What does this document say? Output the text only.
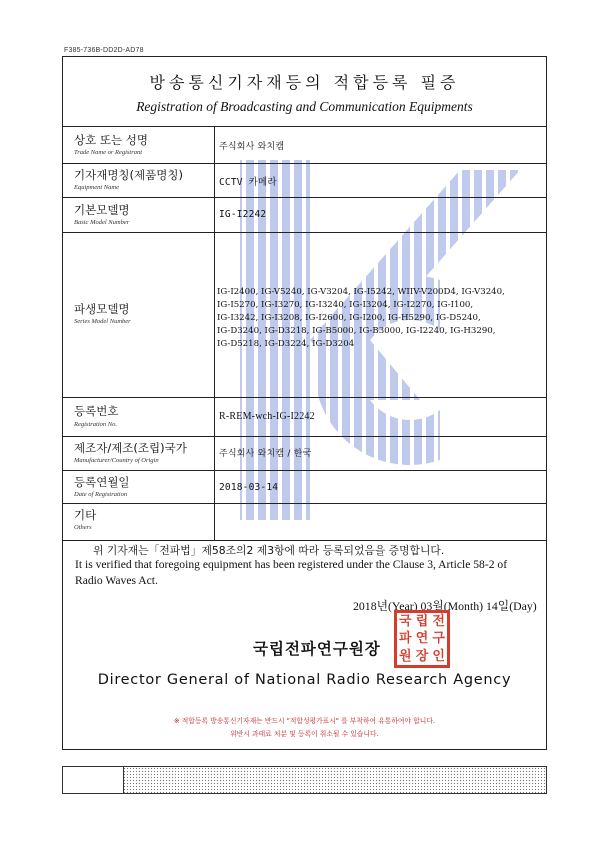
F385-736B-DD2D-AD78
방송통신기자재등의 적합등록 필증
Registration of Broadcasting and Communication Equipments
상호 또는 성명
Trade Name or Registrant
주식회사 와치캠
기자재명칭(제품명칭)
Equipment Name	CCTV 카메라
기본모델명
Basic Model Number
IG-I2242
파생모델명
Series Model Number
IG-I2400, IG-V5240, IG-V3204, IG-I5242, WIIV-V200D4, IG-V3240,
IG-I5270, IG-I3270, IG-I3240, IG-I3204, IG-I2270, IG-I100,
IG-I3242, IG-I3208, IG-I2600, IG-I200, IG-H5290, IG-D5240,
IG-D3240, IG-D3218, IG-B5000, IG-B3000, IG-I2240, IG-H3290,
IG-D5218, IG-D3224, IG-D3204
등록번호
Registration No.
R-REM-wch-IG-I2242
제조자/제조(조립)국가
Manufacturer/Country of Origin
주식회사 와치캠 / 한국
등록연월일
Date of Registration
2018-03-14
기타
Others
위 기자재는「전파법」제58조의2 제3항에 따라 등록되었음을 증명합니다.
It is verified that foregoing equipment has been registered under the Clause 3, Article 58-2 of Radio Waves Act.
2018년(Year) 03월(Month) 14일(Day)
국립전파연구원장
국 립 전
파 연 구
원 장 인
Director General of National Radio Research Agency
※ 적합등록 방송통신기자재는 반드시 "적합성평가표시" 를 부착하여 유통하여야 합니다.
위반시 과태료 처분 및 등록이 취소될 수 있습니다.
